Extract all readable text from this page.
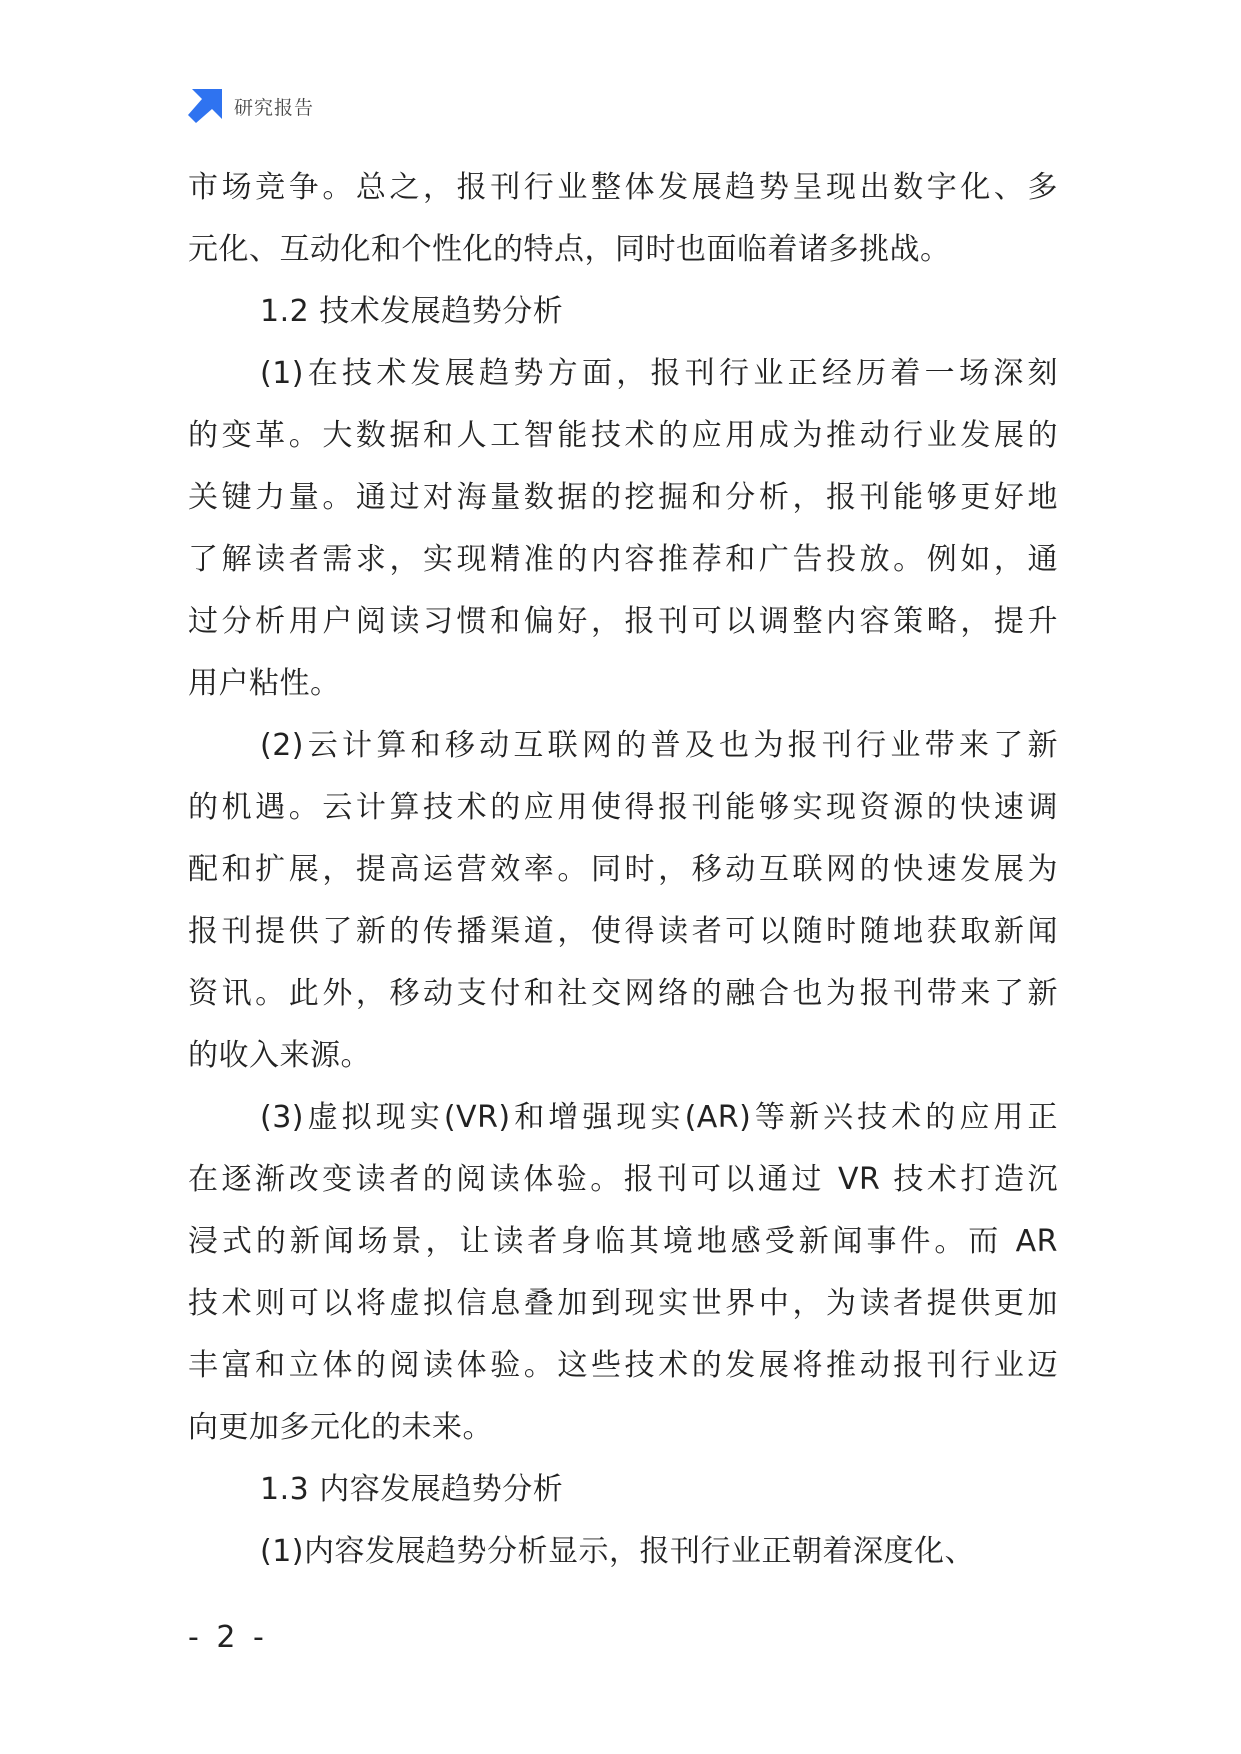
研究报告
市场竞争。总之，报刊行业整体发展趋势呈现出数字化、多
元化、互动化和个性化的特点，同时也面临着诸多挑战。
1.2 技术发展趋势分析
(1)在技术发展趋势方面，报刊行业正经历着一场深刻
的变革。大数据和人工智能技术的应用成为推动行业发展的
关键力量。通过对海量数据的挖掘和分析，报刊能够更好地
了解读者需求，实现精准的内容推荐和广告投放。例如，通
过分析用户阅读习惯和偏好，报刊可以调整内容策略，提升
用户粘性。
(2)云计算和移动互联网的普及也为报刊行业带来了新
的机遇。云计算技术的应用使得报刊能够实现资源的快速调
配和扩展，提高运营效率。同时，移动互联网的快速发展为
报刊提供了新的传播渠道，使得读者可以随时随地获取新闻
资讯。此外，移动支付和社交网络的融合也为报刊带来了新
的收入来源。
(3)虚拟现实(VR)和增强现实(AR)等新兴技术的应用正
在逐渐改变读者的阅读体验。报刊可以通过 VR 技术打造沉
浸式的新闻场景，让读者身临其境地感受新闻事件。而 AR
技术则可以将虚拟信息叠加到现实世界中，为读者提供更加
丰富和立体的阅读体验。这些技术的发展将推动报刊行业迈
向更加多元化的未来。
1.3 内容发展趋势分析
(1)内容发展趋势分析显示，报刊行业正朝着深度化、
- 2 -
